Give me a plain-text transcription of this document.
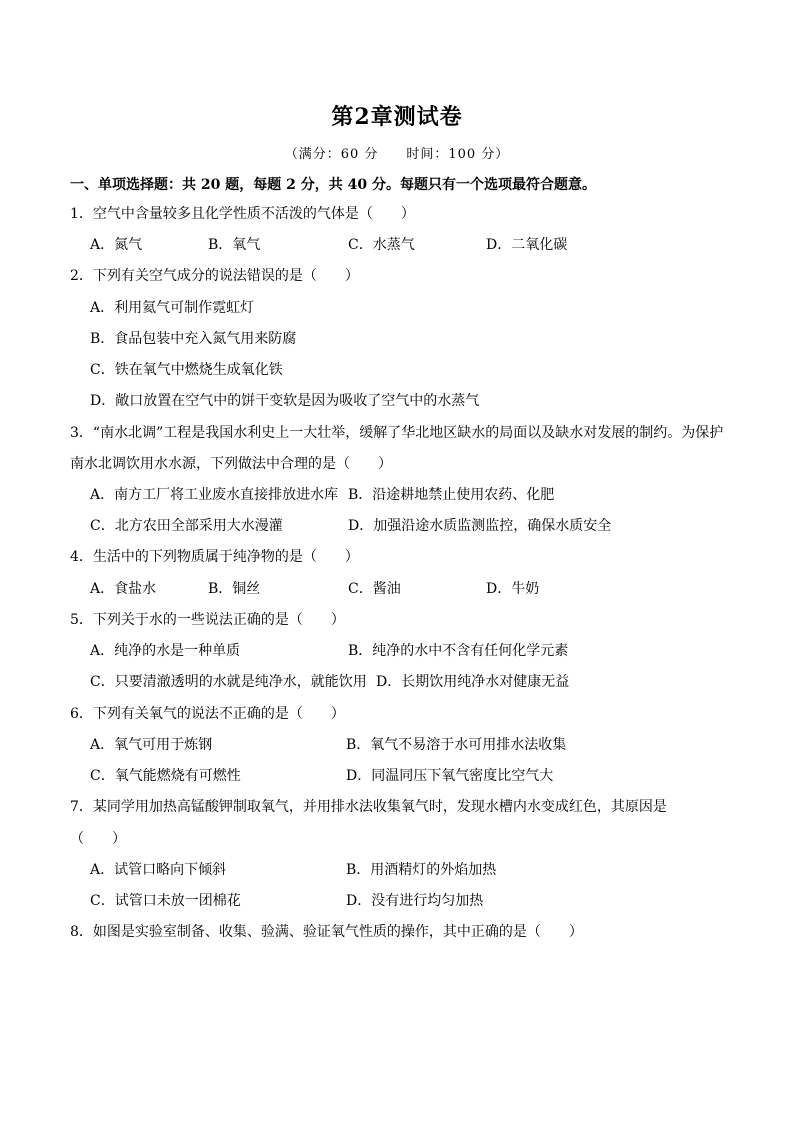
第2章测试卷
（满分：60 分　　时间：100 分）
一、单项选择题：共 20 题，每题 2 分，共 40 分。每题只有一个选项最符合题意。
1．空气中含量较多且化学性质不活泼的气体是（　　）
A．氮气	B．氧气	C．水蒸气	D．二氧化碳
2．下列有关空气成分的说法错误的是（　　）
A．利用氦气可制作霓虹灯
B．食品包装中充入氮气用来防腐
C．铁在氧气中燃烧生成氧化铁
D．敞口放置在空气中的饼干变软是因为吸收了空气中的水蒸气
3．“南水北调”工程是我国水利史上一大壮举，缓解了华北地区缺水的局面以及缺水对发展的制约。为保护
南水北调饮用水水源，下列做法中合理的是（　　）
A．南方工厂将工业废水直接排放进水库 B．沿途耕地禁止使用农药、化肥
C．北方农田全部采用大水漫灌	D．加强沿途水质监测监控，确保水质安全
4．生活中的下列物质属于纯净物的是（　　）
A．食盐水	B．铜丝	C．酱油	D．牛奶
5．下列关于水的一些说法正确的是（　　）
A．纯净的水是一种单质	B．纯净的水中不含有任何化学元素
C．只要清澈透明的水就是纯净水，就能饮用 D．长期饮用纯净水对健康无益
6．下列有关氧气的说法不正确的是（　　）
A．氧气可用于炼钢	B．氧气不易溶于水可用排水法收集
C．氧气能燃烧有可燃性	D．同温同压下氧气密度比空气大
7．某同学用加热高锰酸钾制取氧气，并用排水法收集氧气时，发现水槽内水变成红色，其原因是
（　　）
A．试管口略向下倾斜	B．用酒精灯的外焰加热
C．试管口未放一团棉花	D．没有进行均匀加热
8．如图是实验室制备、收集、验满、验证氧气性质的操作，其中正确的是（　　）
